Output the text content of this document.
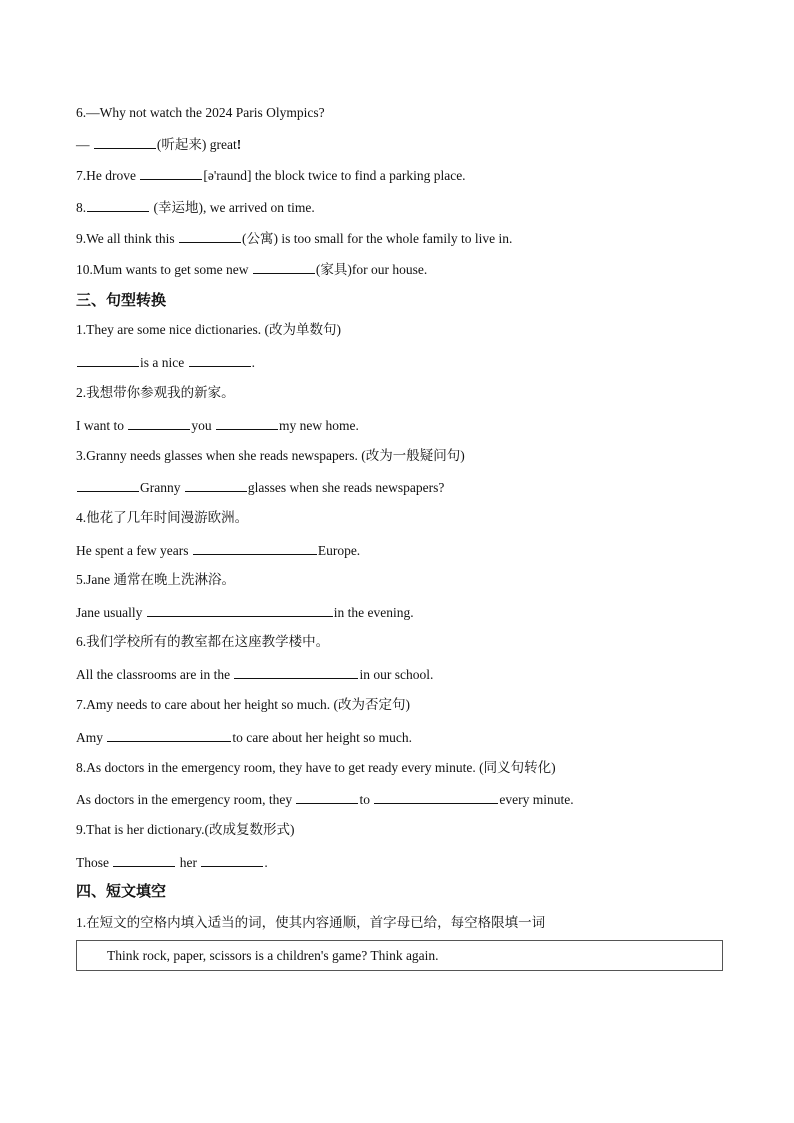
6.—Why not watch the 2024 Paris Olympics?
—	(听起来) great!
7.He drove	[ə'raund] the block twice to find a parking place.
8.	(幸运地), we arrived on time.
9.We all think this	(公寓) is too small for the whole family to live in.
10.Mum wants to get some new	(家具)for our house.
三、句型转换
1.They are some nice dictionaries. (改为单数句)
is a nice	.
2.我想带你参观我的新家。
I want to	you	my new home.
3.Granny needs glasses when she reads newspapers. (改为一般疑问句)
Granny	glasses when she reads newspapers?
4.他花了几年时间漫游欧洲。
He spent a few years	Europe.
5.Jane 通常在晚上洗淋浴。
Jane usually	in the evening.
6.我们学校所有的教室都在这座教学楼中。
All the classrooms are in the	in our school.
7.Amy needs to care about her height so much. (改为否定句)
Amy	to care about her height so much.
8.As doctors in the emergency room, they have to get ready every minute. (同义句转化)
As doctors in the emergency room, they	to	every minute.
9.That is her dictionary.(改成复数形式)
Those	her	.
四、短文填空
1.在短文的空格内填入适当的词，使其内容通顺，首字母已给，每空格限填一词
Think rock, paper, scissors is a children's game? Think again.
